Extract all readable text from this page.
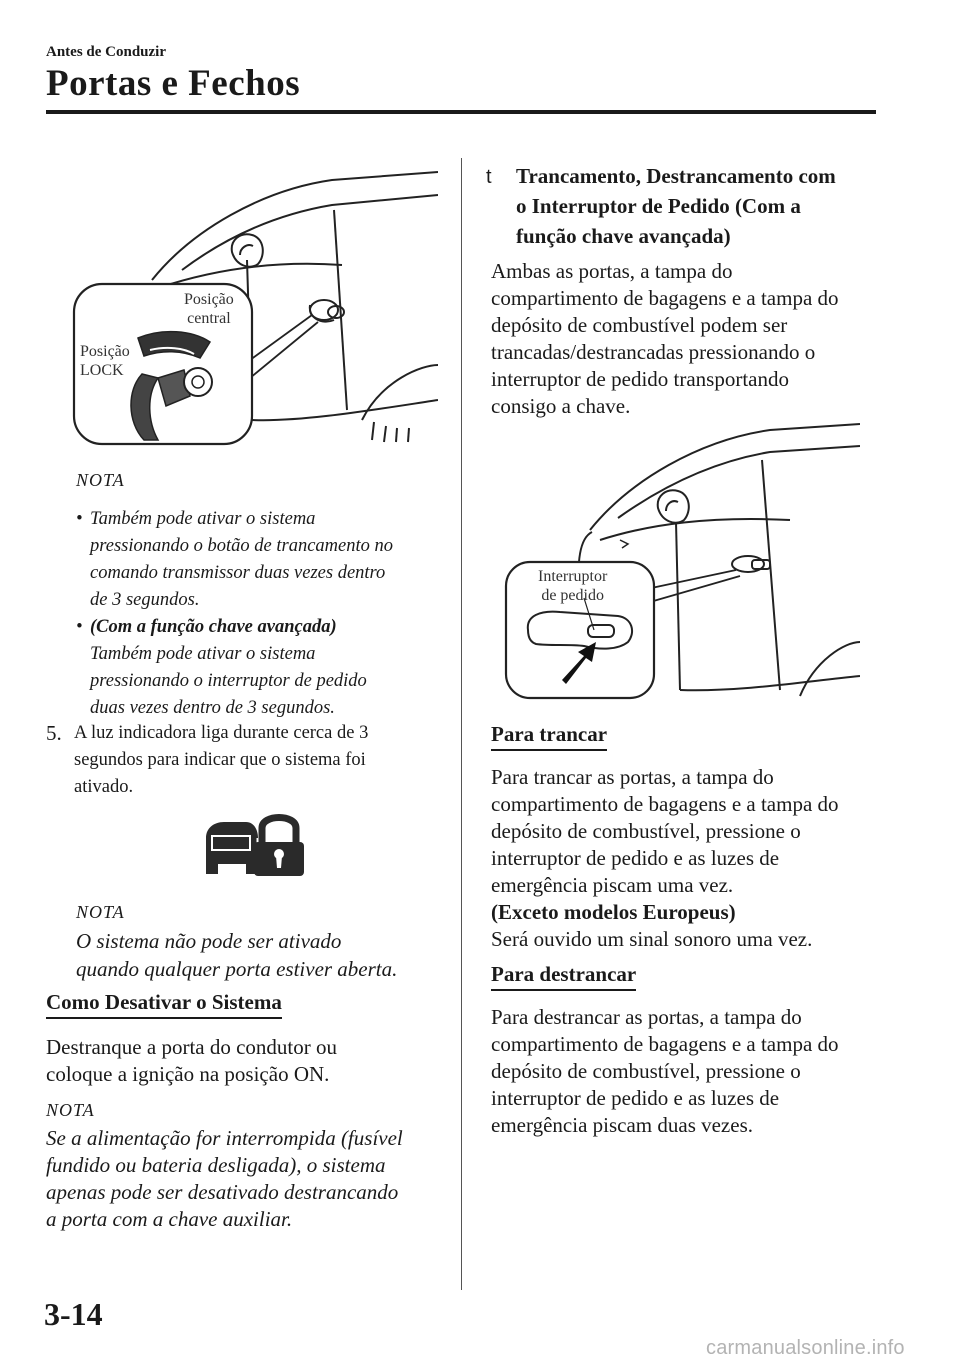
Antes de Conduzir
Portas e Fechos
Posição
central
Posição
LOCK
NOTA
• Também pode ativar o sistema
pressionando o botão de trancamento no
comando transmissor duas vezes dentro
de 3 segundos.
• (Com a função chave avançada)
Também pode ativar o sistema
pressionando o interruptor de pedido
duas vezes dentro de 3 segundos.
5. A luz indicadora liga durante cerca de 3
segundos para indicar que o sistema foi
ativado.
NOTA
O sistema não pode ser ativado
quando qualquer porta estiver aberta.
Como Desativar o Sistema
Destranque a porta do condutor ou
coloque a ignição na posição ON.
NOTA
Se a alimentação for interrompida (fusível
fundido ou bateria desligada), o sistema
apenas pode ser desativado destrancando
a porta com a chave auxiliar.
t Trancamento, Destrancamento com
o Interruptor de Pedido (Com a
função chave avançada)
Ambas as portas, a tampa do
compartimento de bagagens e a tampa do
depósito de combustível podem ser
trancadas/destrancadas pressionando o
interruptor de pedido transportando
consigo a chave.
Interruptor
de pedido
Para trancar
Para trancar as portas, a tampa do
compartimento de bagagens e a tampa do
depósito de combustível, pressione o
interruptor de pedido e as luzes de
emergência piscam uma vez.
(Exceto modelos Europeus)
Será ouvido um sinal sonoro uma vez.
Para destrancar
Para destrancar as portas, a tampa do
compartimento de bagagens e a tampa do
depósito de combustível, pressione o
interruptor de pedido e as luzes de
emergência piscam duas vezes.
3-14
carmanualsonline.info
